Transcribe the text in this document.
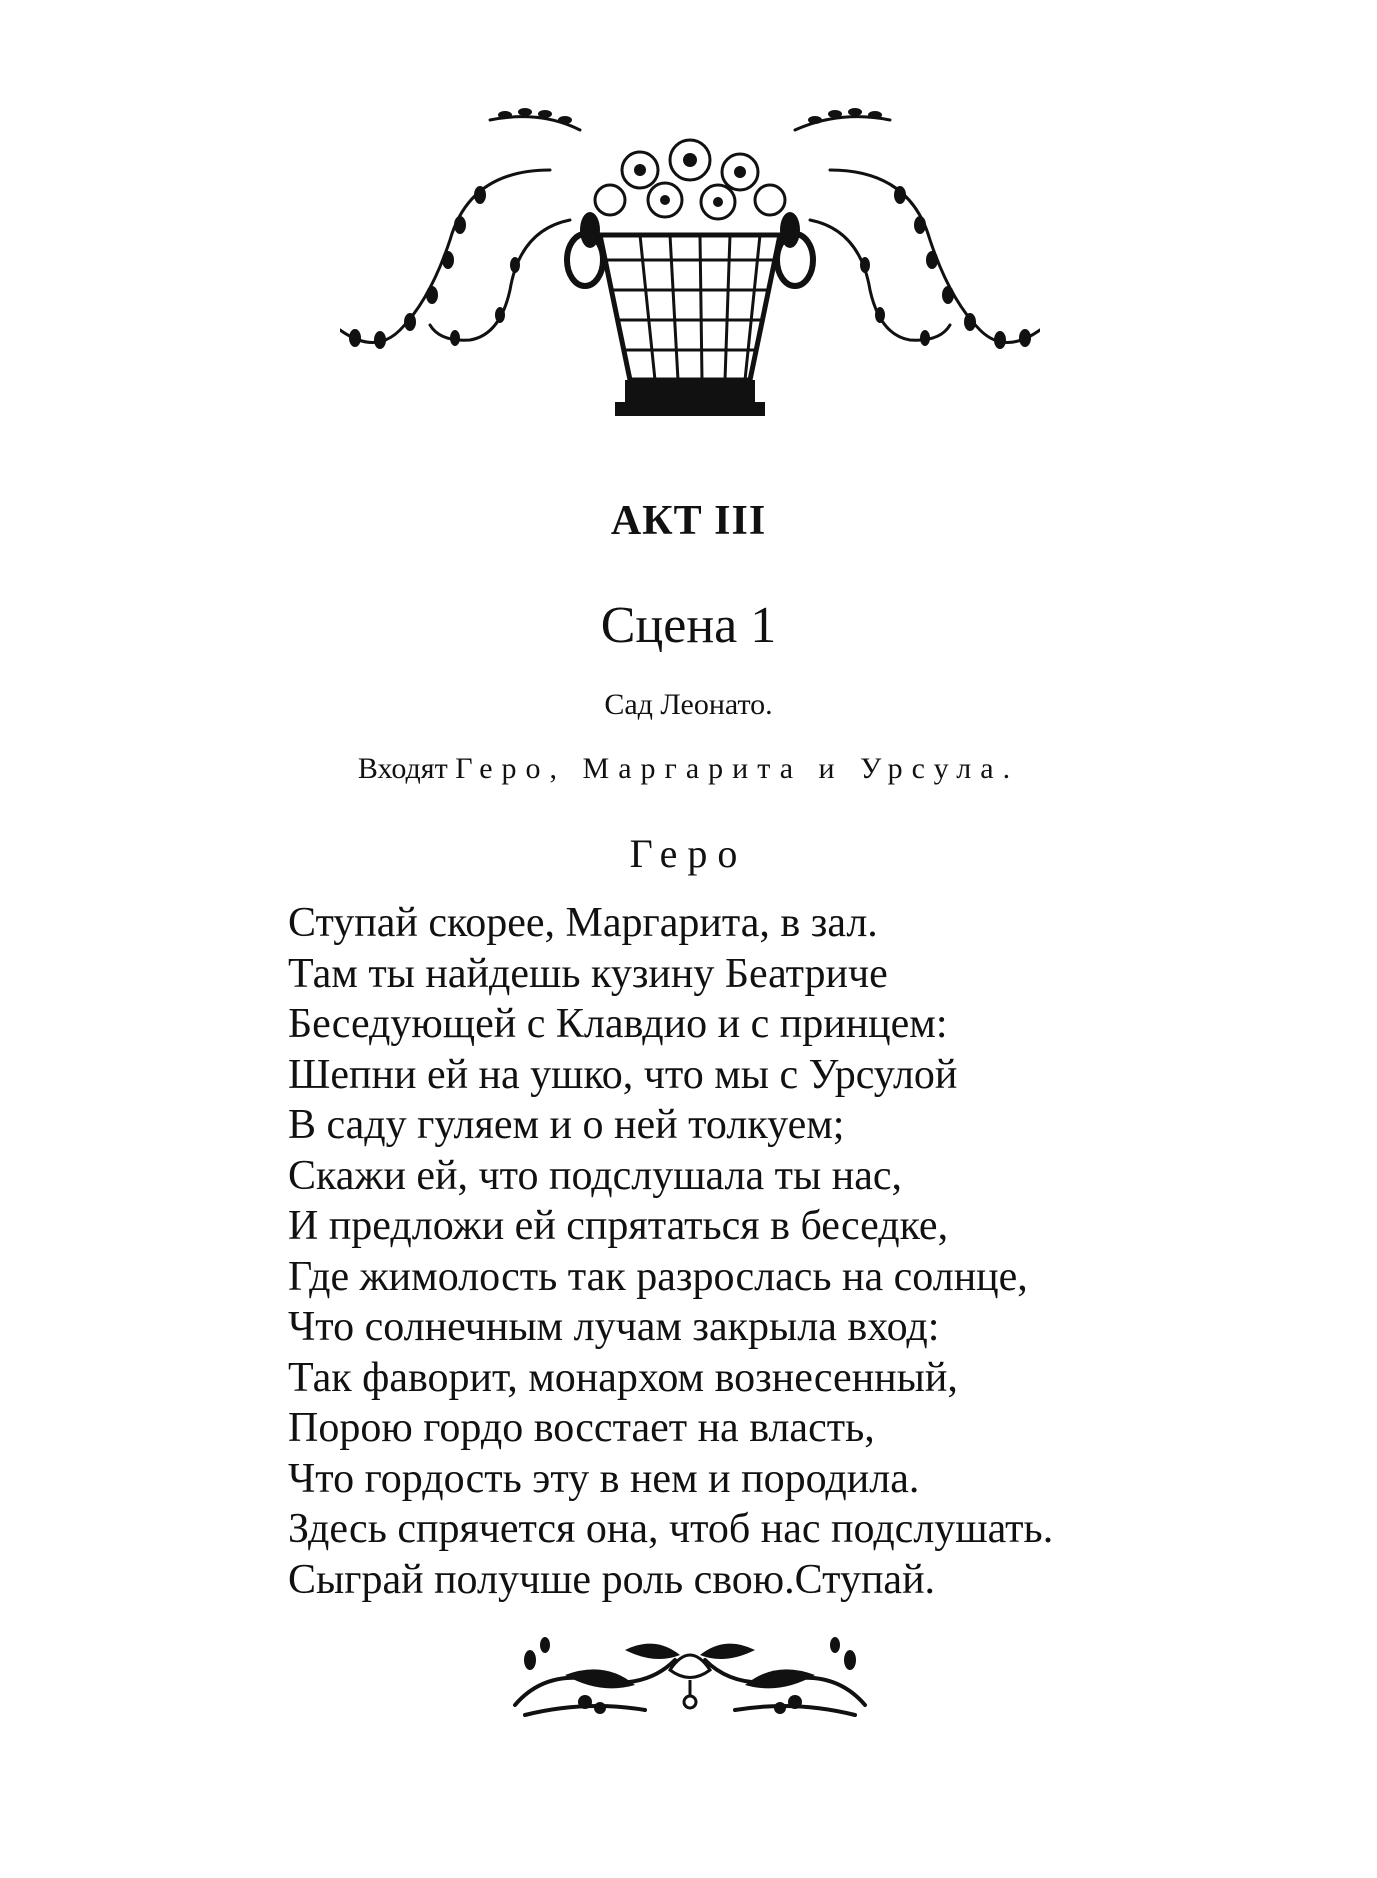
АКТ III
Сцена 1
Сад Леонато.
Входят Геро, Маргарита и Урсула.
Геро
Ступай скорее, Маргарита, в зал.
Там ты найдешь кузину Беатриче
Беседующей с Клавдио и с принцем:
Шепни ей на ушко, что мы с Урсулой
В саду гуляем и о ней толкуем;
Скажи ей, что подслушала ты нас,
И предложи ей спрятаться в беседке,
Где жимолость так разрослась на солнце,
Что солнечным лучам закрыла вход:
Так фаворит, монархом вознесенный,
Порою гордо восстает на власть,
Что гордость эту в нем и породила.
Здесь спрячется она, чтоб нас подслушать.
Сыграй получше роль свою.Ступай.
